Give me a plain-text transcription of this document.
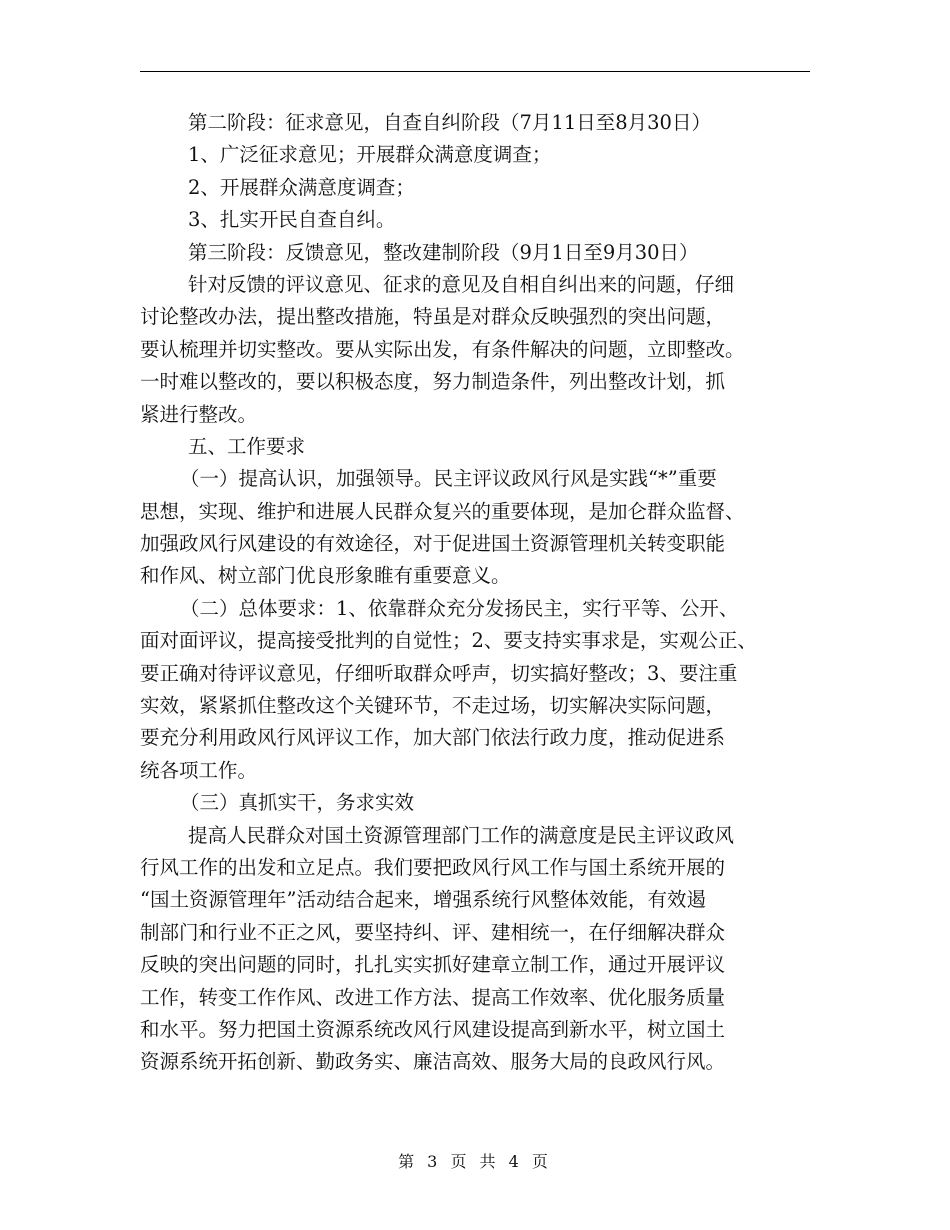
第二阶段：征求意见，自查自纠阶段（7月11日至8月30日）
1、广泛征求意见；开展群众满意度调查；
2、开展群众满意度调查；
3、扎实开民自查自纠。
第三阶段：反馈意见，整改建制阶段（9月1日至9月30日）
针对反馈的评议意见、征求的意见及自相自纠出来的问题，仔细
讨论整改办法，提出整改措施，特虽是对群众反映强烈的突出问题，
要认梳理并切实整改。要从实际出发，有条件解决的问题，立即整改。
一时难以整改的，要以积极态度，努力制造条件，列出整改计划，抓
紧进行整改。
五、工作要求
（一）提高认识，加强领导。民主评议政风行风是实践“*”重要
思想，实现、维护和进展人民群众复兴的重要体现，是加仑群众监督、
加强政风行风建设的有效途径，对于促进国土资源管理机关转变职能
和作风、树立部门优良形象睢有重要意义。
（二）总体要求：1、依靠群众充分发扬民主，实行平等、公开、
面对面评议，提高接受批判的自觉性；2、要支持实事求是，实观公正、
要正确对待评议意见，仔细听取群众呼声，切实搞好整改；3、要注重
实效，紧紧抓住整改这个关键环节，不走过场，切实解决实际问题，
要充分利用政风行风评议工作，加大部门依法行政力度，推动促进系
统各项工作。
（三）真抓实干，务求实效
提高人民群众对国土资源管理部门工作的满意度是民主评议政风
行风工作的出发和立足点。我们要把政风行风工作与国土系统开展的
“国土资源管理年”活动结合起来，增强系统行风整体效能，有效遏
制部门和行业不正之风，要坚持纠、评、建相统一，在仔细解决群众
反映的突出问题的同时，扎扎实实抓好建章立制工作，通过开展评议
工作，转变工作作风、改进工作方法、提高工作效率、优化服务质量
和水平。努力把国土资源系统改风行风建设提高到新水平，树立国土
资源系统开拓创新、勤政务实、廉洁高效、服务大局的良政风行风。
第 3 页 共 4 页
